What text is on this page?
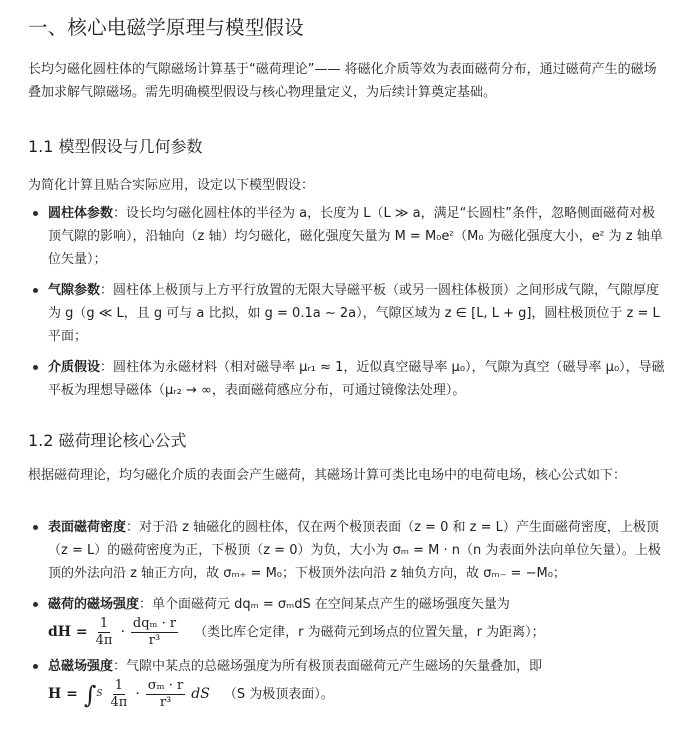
一、核心电磁学原理与模型假设

长均匀磁化圆柱体的气隙磁场计算基于“磁荷理论”—— 将磁化介质等效为表面磁荷分布，通过磁荷产生的磁场叠加求解气隙磁场。需先明确模型假设与核心物理量定义，为后续计算奠定基础。

1.1 模型假设与几何参数

为简化计算且贴合实际应用，设定以下模型假设：

圆柱体参数：设长均匀磁化圆柱体的半径为 a，长度为 L（L ≫ a，满足“长圆柱”条件，忽略侧面磁荷对极顶气隙的影响），沿轴向（z 轴）均匀磁化，磁化强度矢量为 M = M₀eᶻ（M₀ 为磁化强度大小，eᶻ 为 z 轴单位矢量）；
气隙参数：圆柱体上极顶与上方平行放置的无限大导磁平板（或另一圆柱体极顶）之间形成气隙，气隙厚度为 g（g ≪ L，且 g 可与 a 比拟，如 g = 0.1a ∼ 2a），气隙区域为 z ∈ [L, L + g]，圆柱极顶位于 z = L 平面；
介质假设：圆柱体为永磁材料（相对磁导率 μᵣ₁ ≈ 1，近似真空磁导率 μ₀），气隙为真空（磁导率 μ₀），导磁平板为理想导磁体（μᵣ₂ → ∞，表面磁荷感应分布，可通过镜像法处理）。
1.2 磁荷理论核心公式

根据磁荷理论，均匀磁化介质的表面会产生磁荷，其磁场计算可类比电场中的电荷电场，核心公式如下：

表面磁荷密度：对于沿 z 轴磁化的圆柱体，仅在两个极顶表面（z = 0 和 z = L）产生面磁荷密度，上极顶（z = L）的磁荷密度为正，下极顶（z = 0）为负，大小为 σₘ = M · n（n 为表面外法向单位矢量）。上极顶的外法向沿 z 轴正方向，故 σₘ₊ = M₀；下极顶外法向沿 z 轴负方向，故 σₘ₋ = −M₀；
磁荷的磁场强度：单个面磁荷元 dqₘ = σₘdS 在空间某点产生的磁场强度矢量为
dH = $\frac{1}{4\pi} \cdot \frac{\text{dqₘ · r}}{\text{r³}}$ （类比库仑定律，r 为磁荷元到场点的位置矢量，r 为距离）；
总磁场强度：气隙中某点的总磁场强度为所有极顶表面磁荷元产生磁场的矢量叠加，即
H = ∫ S $\frac{1}{4\pi} \cdot \frac{\text{σₘ · r}}{\text{r³}}$ dS （S 为极顶表面）。
